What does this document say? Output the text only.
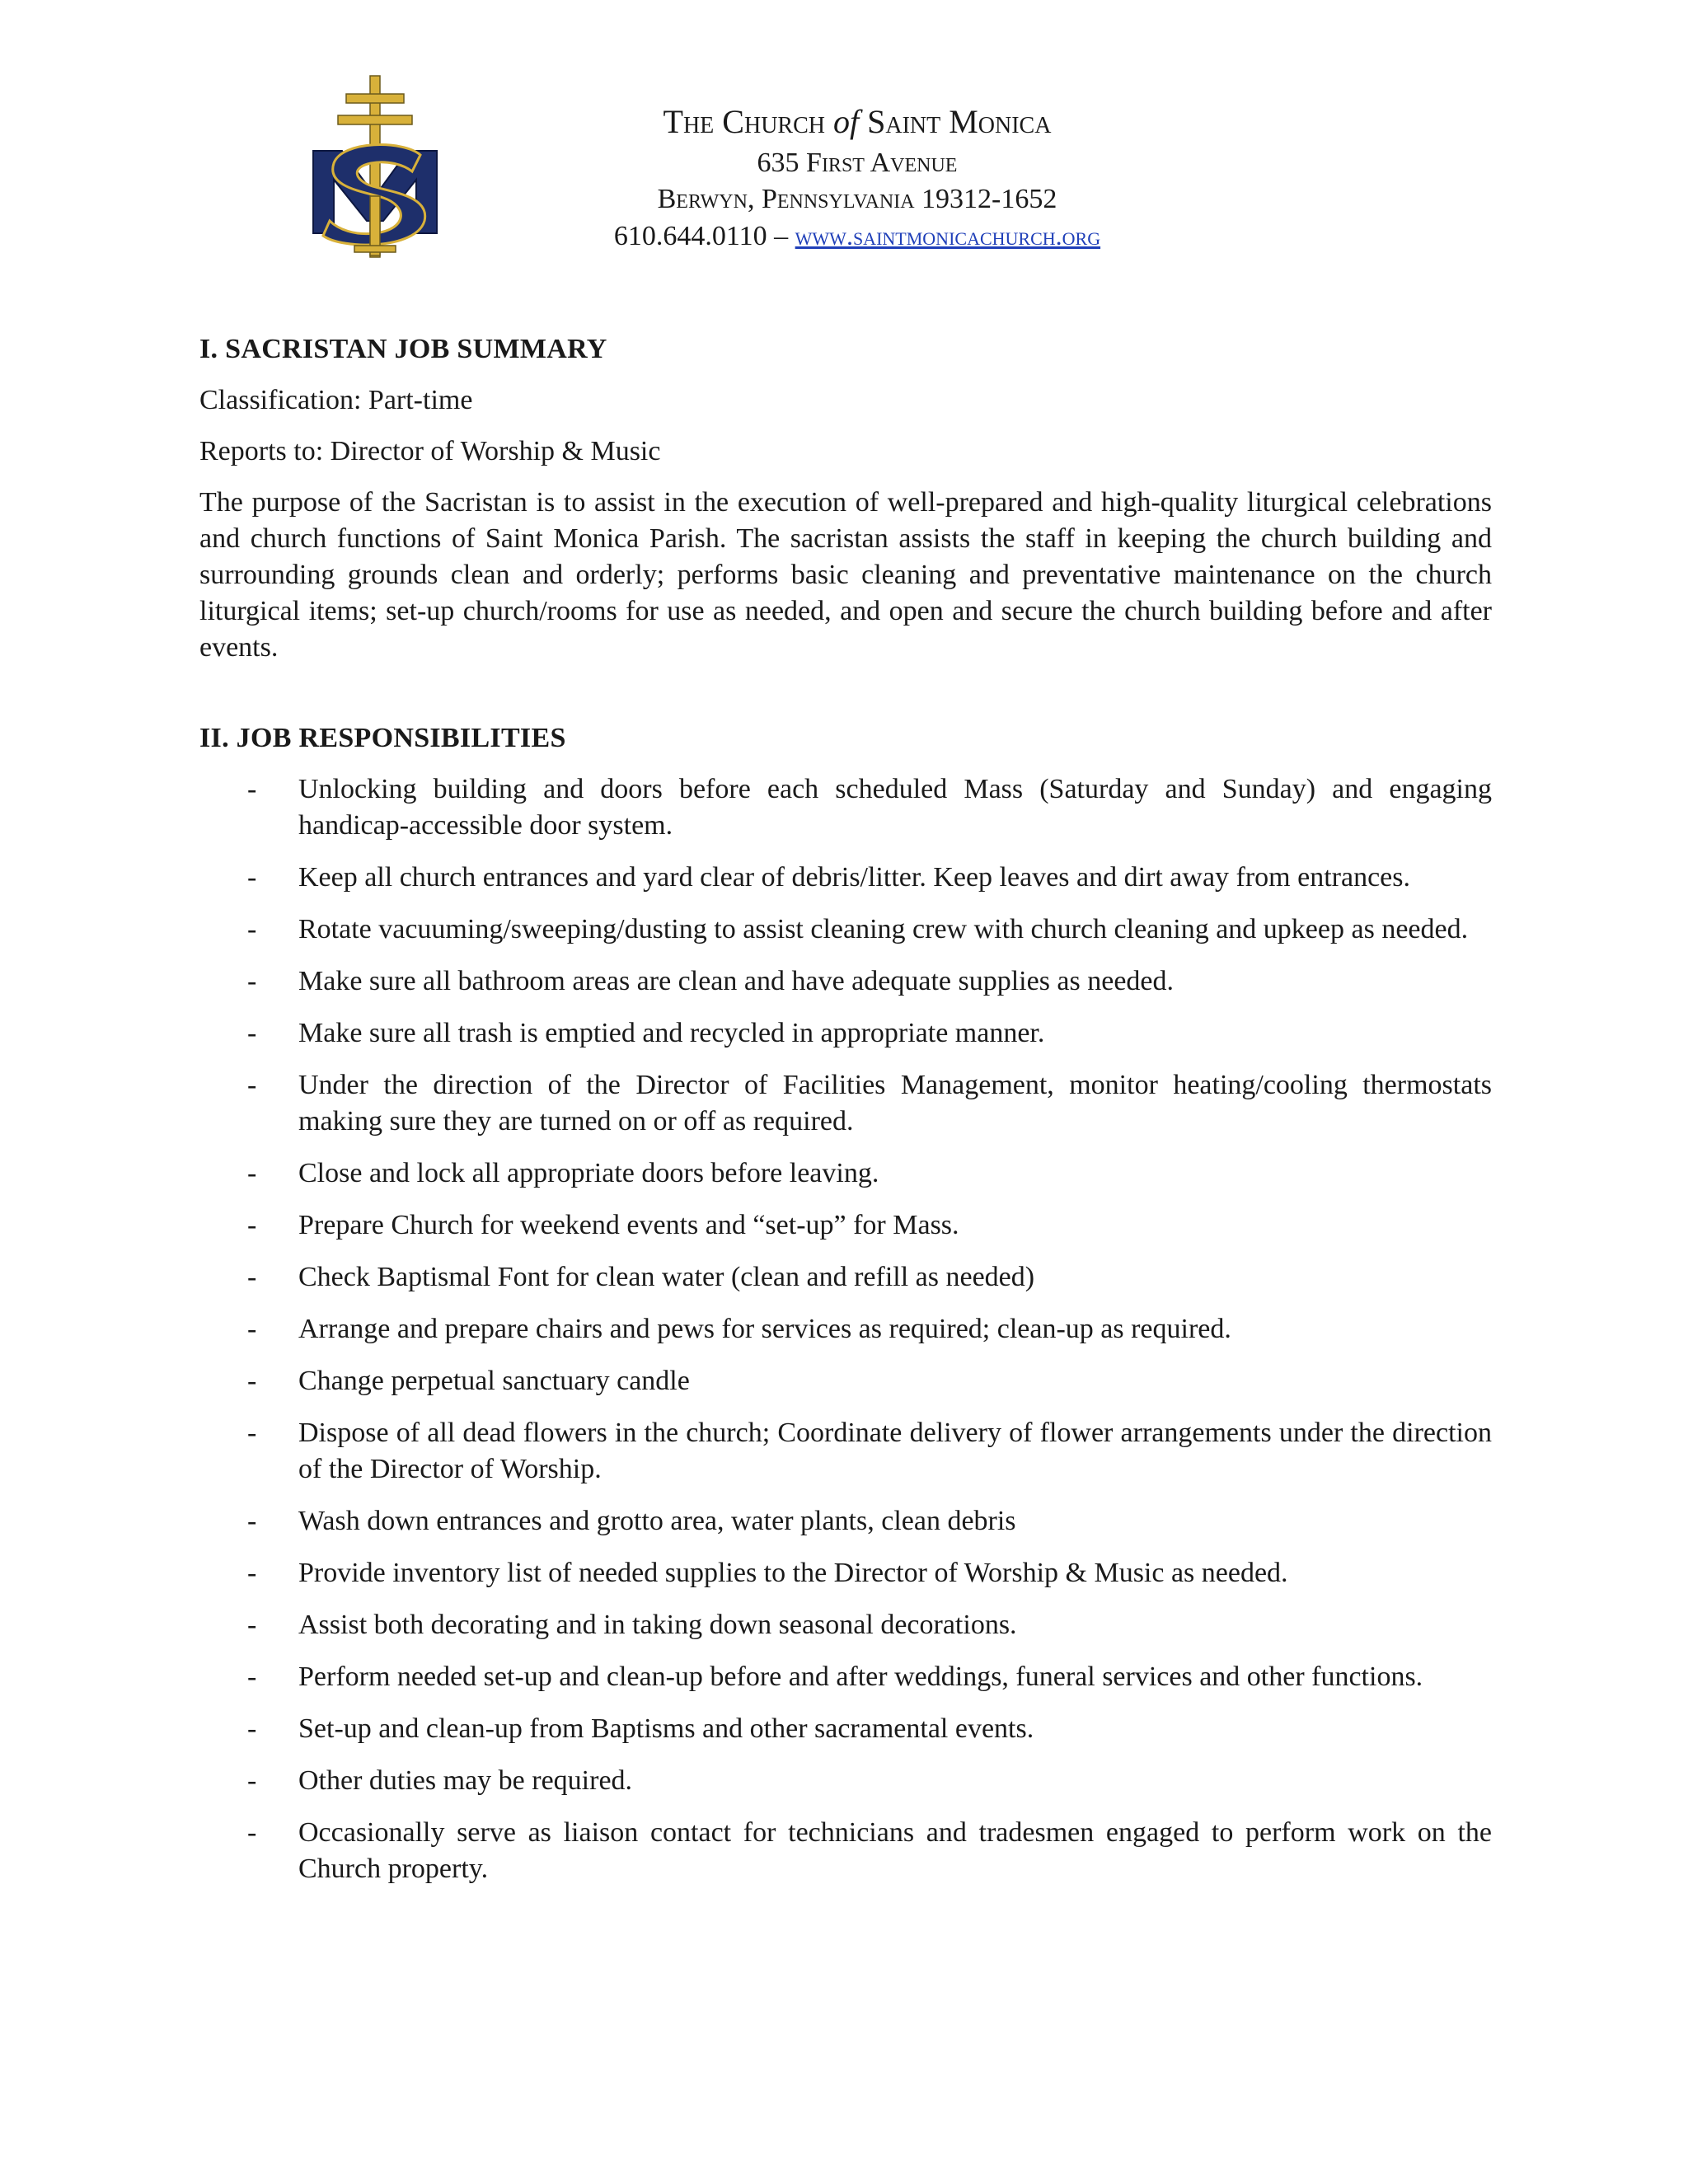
The Church of Saint Monica
635 First Avenue
Berwyn, Pennsylvania 19312-1652
610.644.0110 – www.saintmonicachurch.org
I. SACRISTAN JOB SUMMARY

Classification: Part-time

Reports to: Director of Worship & Music

The purpose of the Sacristan is to assist in the execution of well-prepared and high-quality liturgical celebrations and church functions of Saint Monica Parish. The sacristan assists the staff in keeping the church building and surrounding grounds clean and orderly; performs basic cleaning and preventative maintenance on the church liturgical items; set-up church/rooms for use as needed, and open and secure the church building before and after events.

II. JOB RESPONSIBILITIES
- Unlocking building and doors before each scheduled Mass (Saturday and Sunday) and engaging handicap-accessible door system.
- Keep all church entrances and yard clear of debris/litter. Keep leaves and dirt away from entrances.
- Rotate vacuuming/sweeping/dusting to assist cleaning crew with church cleaning and upkeep as needed.
- Make sure all bathroom areas are clean and have adequate supplies as needed.
- Make sure all trash is emptied and recycled in appropriate manner.
- Under the direction of the Director of Facilities Management, monitor heating/cooling thermostats making sure they are turned on or off as required.
- Close and lock all appropriate doors before leaving.
- Prepare Church for weekend events and “set-up” for Mass.
- Check Baptismal Font for clean water (clean and refill as needed)
- Arrange and prepare chairs and pews for services as required; clean-up as required.
- Change perpetual sanctuary candle
- Dispose of all dead flowers in the church; Coordinate delivery of flower arrangements under the direction of the Director of Worship.
- Wash down entrances and grotto area, water plants, clean debris
- Provide inventory list of needed supplies to the Director of Worship & Music as needed.
- Assist both decorating and in taking down seasonal decorations.
- Perform needed set-up and clean-up before and after weddings, funeral services and other functions.
- Set-up and clean-up from Baptisms and other sacramental events.
- Other duties may be required.
- Occasionally serve as liaison contact for technicians and tradesmen engaged to perform work on the Church property.
